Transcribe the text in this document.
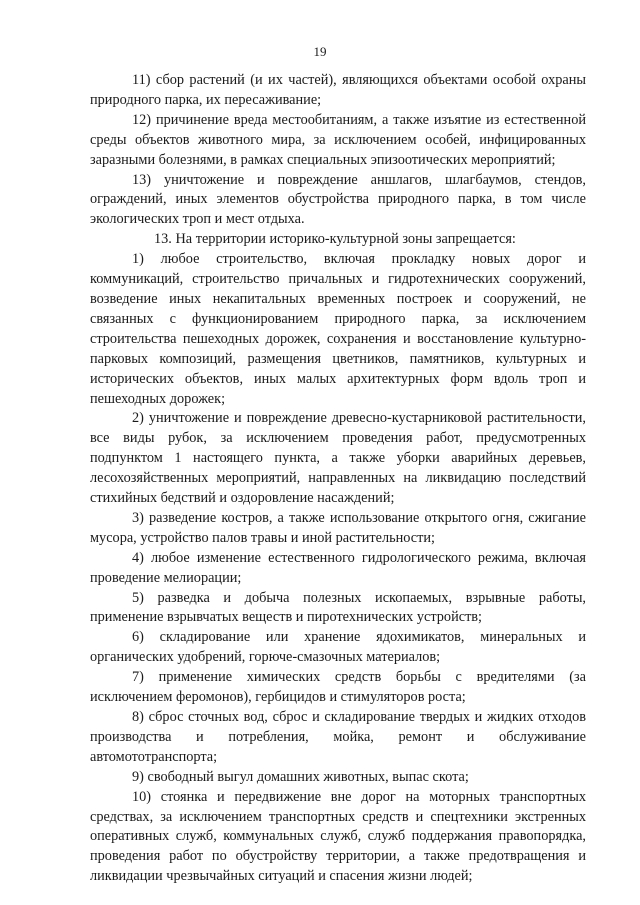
19

11) сбор растений (и их частей), являющихся объектами особой охраны природного парка, их пересаживание;

12) причинение вреда местообитаниям, а также изъятие из естественной среды объектов животного мира, за исключением особей, инфицированных заразными болезнями, в рамках специальных эпизоотических мероприятий;

13) уничтожение и повреждение аншлагов, шлагбаумов, стендов, ограждений, иных элементов обустройства природного парка, в том числе экологических троп и мест отдыха.

13. На территории историко-культурной зоны запрещается:

1) любое строительство, включая прокладку новых дорог и коммуникаций, строительство причальных и гидротехнических сооружений, возведение иных некапитальных временных построек и сооружений, не связанных с функционированием природного парка, за исключением строительства пешеходных дорожек, сохранения и восстановление культурно-парковых композиций, размещения цветников, памятников, культурных и исторических объектов, иных малых архитектурных форм вдоль троп и пешеходных дорожек;

2) уничтожение и повреждение древесно-кустарниковой растительности, все виды рубок, за исключением проведения работ, предусмотренных подпунктом 1 настоящего пункта, а также уборки аварийных деревьев, лесохозяйственных мероприятий, направленных на ликвидацию последствий стихийных бедствий и оздоровление насаждений;

3) разведение костров, а также использование открытого огня, сжигание мусора, устройство палов травы и иной растительности;

4) любое изменение естественного гидрологического режима, включая проведение мелиорации;

5) разведка и добыча полезных ископаемых, взрывные работы, применение взрывчатых веществ и пиротехнических устройств;

6) складирование или хранение ядохимикатов, минеральных и органических удобрений, горюче-смазочных материалов;

7) применение химических средств борьбы с вредителями (за исключением феромонов), гербицидов и стимуляторов роста;

8) сброс сточных вод, сброс и складирование твердых и жидких отходов производства и потребления, мойка, ремонт и обслуживание автомототранспорта;

9) свободный выгул домашних животных, выпас скота;

10) стоянка и передвижение вне дорог на моторных транспортных средствах, за исключением транспортных средств и спецтехники экстренных оперативных служб, коммунальных служб, служб поддержания правопорядка, проведения работ по обустройству территории, а также предотвращения и ликвидации чрезвычайных ситуаций и спасения жизни людей;
